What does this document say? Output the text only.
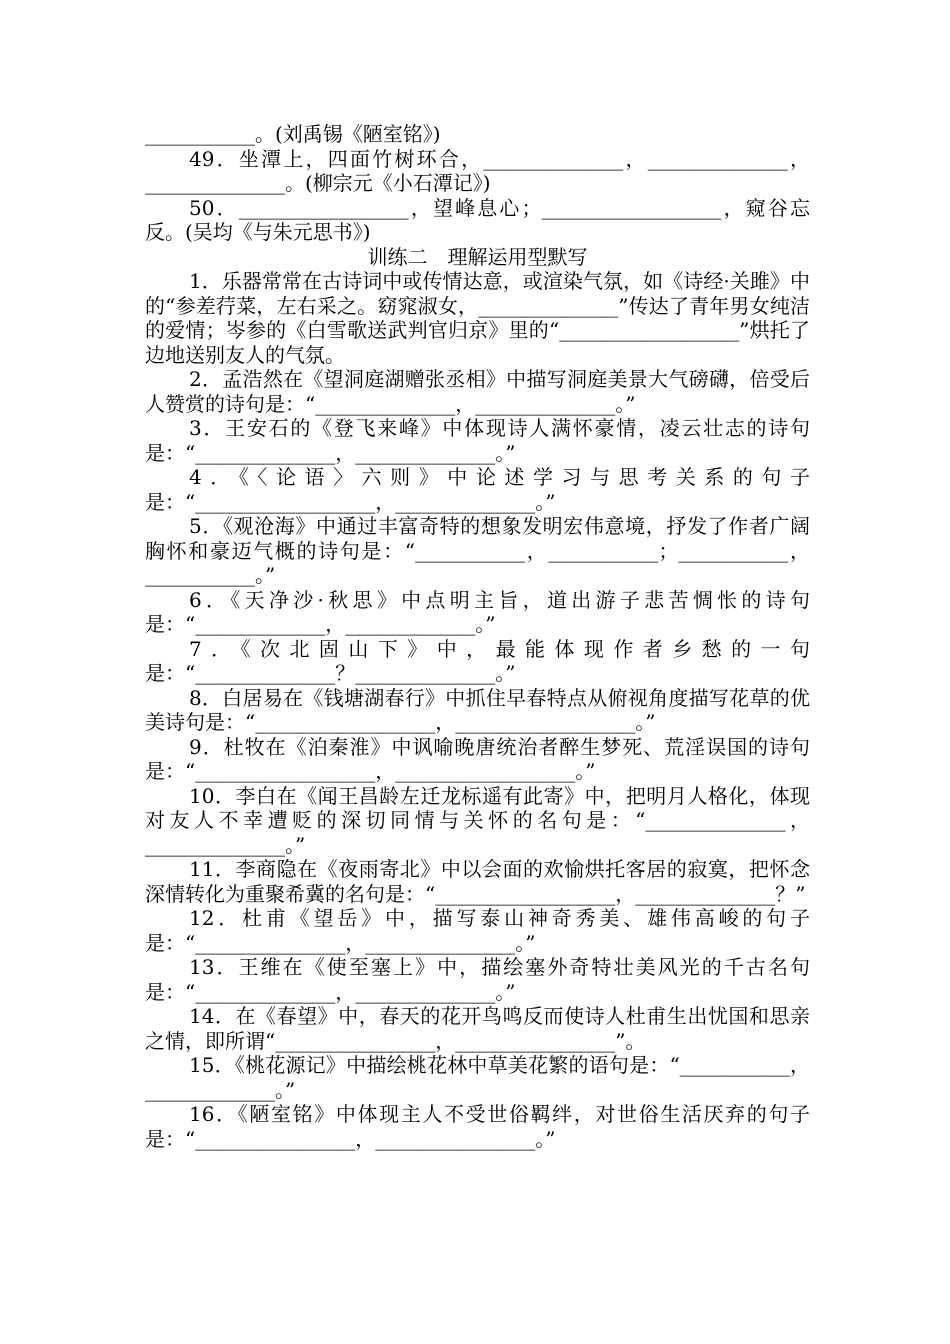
___________。(刘禹锡《陋室铭》)

49．坐潭上，四面竹树环合，______________，______________，______________。(柳宗元《小石潭记》)

50．_________________，望峰息心；__________________，窥谷忘反。(吴均《与朱元思书》)

训练二　理解运用型默写

1．乐器常常在古诗词中或传情达意，或渲染气氛，如《诗经·关雎》中的“参差荇菜，左右采之。窈窕淑女，______________”传达了青年男女纯洁的爱情；岑参的《白雪歌送武判官归京》里的“__________________”烘托了边地送别友人的气氛。

2．孟浩然在《望洞庭湖赠张丞相》中描写洞庭美景大气磅礴，倍受后人赞赏的诗句是：“______________，______________。”

3．王安石的《登飞来峰》中体现诗人满怀豪情，凌云壮志的诗句是：“______________，______________。”

4．《〈论语〉六则》中论述学习与思考关系的句子是：“__________________，______________。”

5．《观沧海》中通过丰富奇特的想象发明宏伟意境，抒发了作者广阔胸怀和豪迈气概的诗句是：“___________，___________；___________，___________。”

6．《天净沙·秋思》中点明主旨，道出游子悲苦惆怅的诗句是：“_____________，_____________。”

7．《次北固山下》中，最能体现作者乡愁的一句是：“______________？______________。”

8．白居易在《钱塘湖春行》中抓住早春特点从俯视角度描写花草的优美诗句是：“__________________，__________________。”

9．杜牧在《泊秦淮》中讽喻晚唐统治者醉生梦死、荒淫误国的诗句是：“__________________，__________________。”

10．李白在《闻王昌龄左迁龙标遥有此寄》中，把明月人格化，体现对友人不幸遭贬的深切同情与关怀的名句是：“______________，______________。”

11．李商隐在《夜雨寄北》中以会面的欢愉烘托客居的寂寞，把怀念深情转化为重聚希冀的名句是：“__________________，______________？”

12．杜甫《望岳》中，描写泰山神奇秀美、雄伟高峻的句子是：“_______________，_______________。”

13．王维在《使至塞上》中，描绘塞外奇特壮美风光的千古名句是：“______________，______________。”

14．在《春望》中，春天的花开鸟鸣反而使诗人杜甫生出忧国和思亲之情，即所谓“________________，________________”。

15．《桃花源记》中描绘桃花林中草美花繁的语句是：“___________，_____________。”

16．《陋室铭》中体现主人不受世俗羁绊，对世俗生活厌弃的句子是：“________________，________________。”
